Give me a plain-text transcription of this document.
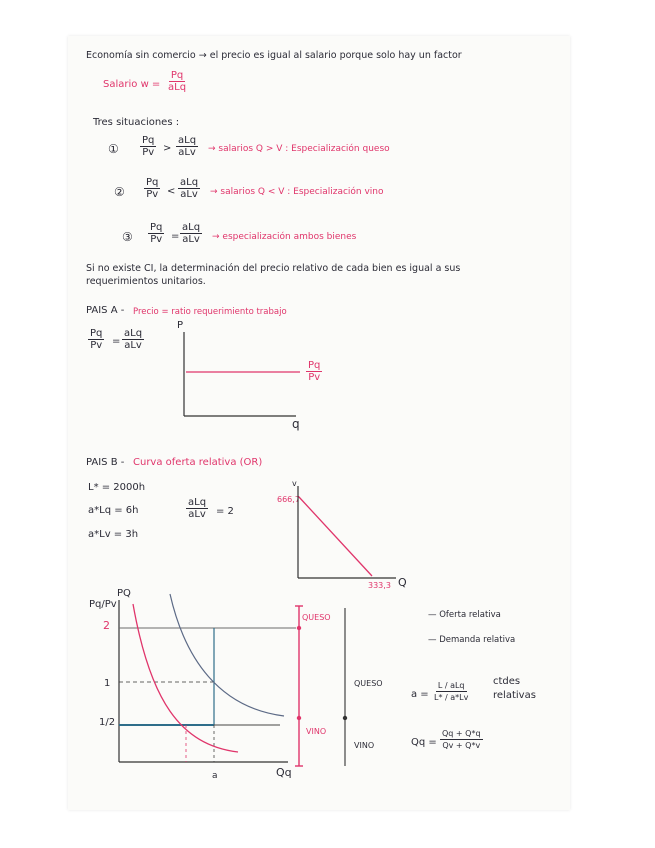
Economía sin comercio → el precio es igual al salario porque solo hay un factor
Salario w =
Pq
aLq
Tres situaciones :
① $\frac{Pq}{Pv}$ >
aLq
aLv → salarios Q > V : Especialización queso
② $\frac{Pq}{Pv}$ <
aLq
aLv → salarios Q < V : Especialización vino
③ $\frac{Pq}{Pv}$ =
aLq
aLv → especialización ambos bienes
Si no existe CI, la determinación del precio relativo de cada bien es igual a sus
requerimientos unitarios.
PAIS A - Precio = ratio requerimiento trabajo
$\frac{Pq}{Pv}$ =
aLq
aLv
P
q
$\frac{Pq}{Pv}$
PAIS B - Curva oferta relativa (OR)
L* = 2000h
a*Lq = 6h
a*Lv = 3h
aLq
aLv = 2
v
666,7
333,3 Q
PQ
Pq/Pv
2
1
1/2
a	Qq
QUESO
VINO
QUESO
VINO
— Oferta relativa
— Demanda relativa
a =
L / aLq
L* / a*Lv
ctdes
relativas
$Qq = \frac{Qq + Q*q}{Qv + Q*v}$
